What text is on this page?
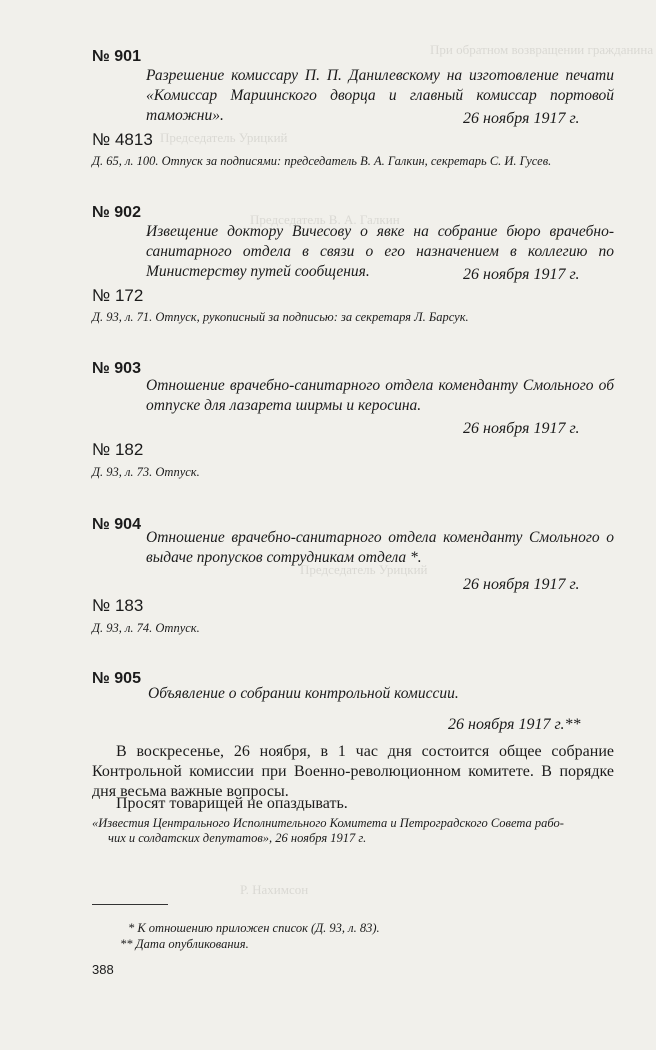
При обратном возвращении гражданина
Председатель Урицкий
Председатель В. А. Галкин
Председатель Урицкий
Р. Нахимсон
№ 901
Разрешение комиссару П. П. Данилевскому на изготовление печати «Комиссар Мариинского дворца и главный комиссар портовой таможни».	26 ноября 1917 г.
№ 4813
Д. 65, л. 100. Отпуск за подписями: председатель В. А. Галкин, секретарь С. И. Гусев.
№ 902
Извещение доктору Вичесову о явке на собрание бюро врачебно-санитарного отдела в связи о его назначением в коллегию по Министерству путей сообщения.	26 ноября 1917 г.
№ 172
Д. 93, л. 71. Отпуск, рукописный за подписью: за секретаря Л. Барсук.
№ 903
Отношение врачебно-санитарного отдела коменданту Смольного об отпуске для лазарета ширмы и керосина.
26 ноября 1917 г.
№ 182
Д. 93, л. 73. Отпуск.
№ 904
Отношение врачебно-санитарного отдела коменданту Смольного о выдаче пропусков сотрудникам отдела *.
26 ноября 1917 г.
№ 183
Д. 93, л. 74. Отпуск.
№ 905
Объявление о собрании контрольной комиссии.
26 ноября 1917 г.**
В воскресенье, 26 ноября, в 1 час дня состоится общее собрание Контрольной комиссии при Военно-революционном комитете. В порядке дня весьма важные вопросы.
Просят товарищей не опаздывать.
«Известия Центрального Исполнительного Комитета и Петроградского Совета рабо-
чих и солдатских депутатов», 26 ноября 1917 г.
* К отношению приложен список (Д. 93, л. 83).
** Дата опубликования.
388
